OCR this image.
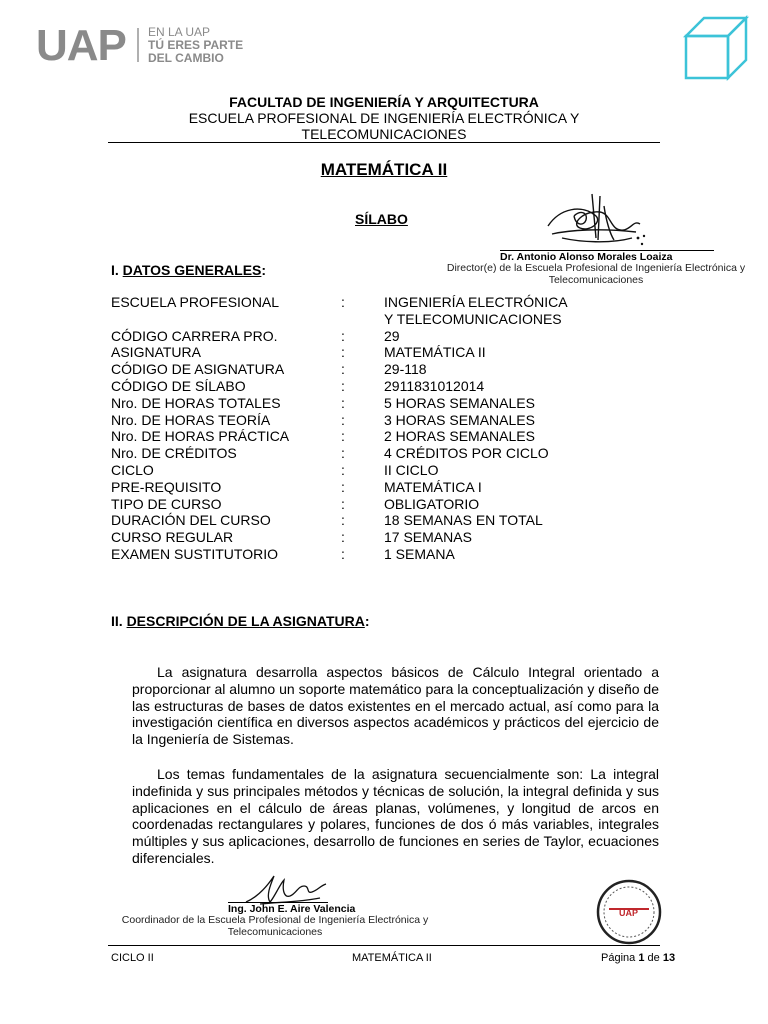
UAP EN LA UAP
TÚ ERES PARTE
DEL CAMBIO
FACULTAD DE INGENIERÍA Y ARQUITECTURA
ESCUELA PROFESIONAL DE INGENIERÍA ELECTRÓNICA Y
TELECOMUNICACIONES
MATEMÁTICA II
SÍLABO
Dr. Antonio Alonso Morales Loaiza
Director(e) de la Escuela Profesional de Ingeniería Electrónica y
Telecomunicaciones
I. DATOS GENERALES:
ESCUELA PROFESIONAL	:	INGENIERÍA ELECTRÓNICA
Y TELECOMUNICACIONES
CÓDIGO CARRERA PRO.	:	29
ASIGNATURA	:	MATEMÁTICA II
CÓDIGO DE ASIGNATURA	:	29-118
CÓDIGO DE SÍLABO	:	2911831012014
Nro. DE HORAS TOTALES	:	5 HORAS SEMANALES
Nro. DE HORAS TEORÍA	:	3 HORAS SEMANALES
Nro. DE HORAS PRÁCTICA	:	2 HORAS SEMANALES
Nro. DE CRÉDITOS	:	4 CRÉDITOS POR CICLO
CICLO	:	II CICLO
PRE-REQUISITO	:	MATEMÁTICA I
TIPO DE CURSO	:	OBLIGATORIO
DURACIÓN DEL CURSO	:	18 SEMANAS EN TOTAL
CURSO REGULAR	:	17 SEMANAS
EXAMEN SUSTITUTORIO	:	1 SEMANA
II. DESCRIPCIÓN DE LA ASIGNATURA:
La asignatura desarrolla aspectos básicos de Cálculo Integral orientado a proporcionar al alumno un soporte matemático para la conceptualización y diseño de las estructuras de bases de datos existentes en el mercado actual, así como para la investigación científica en diversos aspectos académicos y prácticos del ejercicio de la Ingeniería de Sistemas.
Los temas fundamentales de la asignatura secuencialmente son: La integral indefinida y sus principales métodos y técnicas de solución, la integral definida y sus aplicaciones en el cálculo de áreas planas, volúmenes, y longitud de arcos en coordenadas rectangulares y polares, funciones de dos ó más variables, integrales múltiples y sus aplicaciones, desarrollo de funciones en series de Taylor, ecuaciones diferenciales.
Ing. John E. Aire Valencia
Coordinador de la Escuela Profesional de Ingeniería Electrónica y
Telecomunicaciones
UAP
CICLO II	MATEMÁTICA II	Página 1 de 13
